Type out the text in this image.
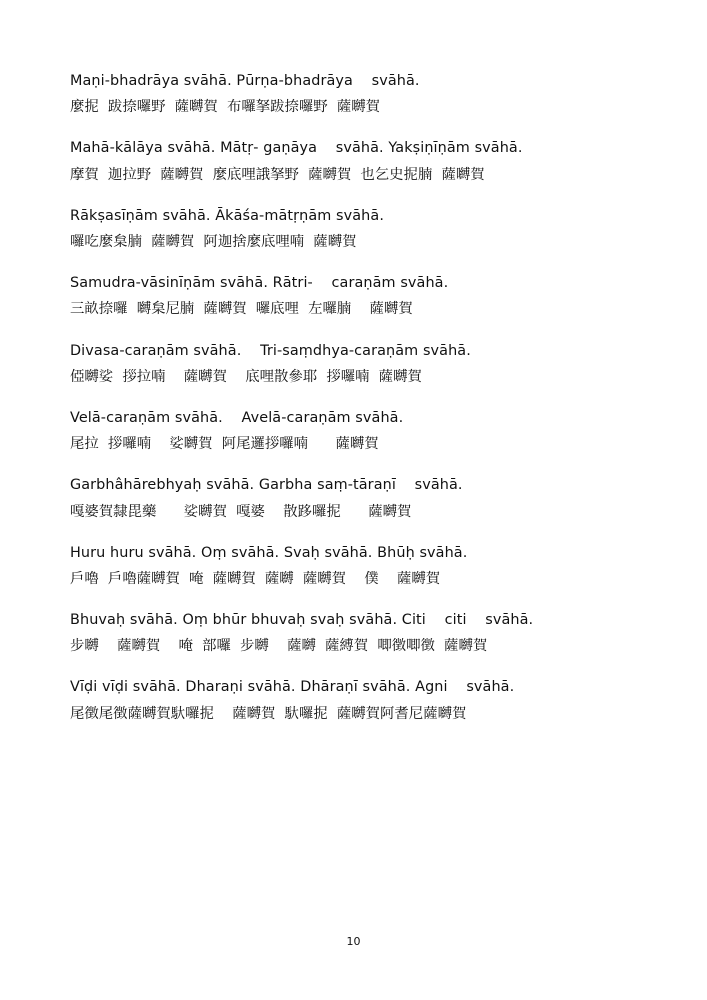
Maṇi-bhadrāya svāhā. Pūrṇa-bhadrāya    svāhā.
麼抳  跋捺囉野  薩嚩賀  布囉拏跋捺囉野  薩嚩賀
Mahā-kālāya svāhā. Mātṛ- gaṇāya    svāhā. Yakṣiṇīṇām svāhā.
摩賀  迦拉野  薩嚩賀  麼底哩誐拏野  薩嚩賀  也乞史抳腩  薩嚩賀
Rākṣasīṇām svāhā. Ākāśa-mātṛṇām svāhā.
囉吃麼枲腩  薩嚩賀  阿迦捨麼底哩喃  薩嚩賀
Samudra-vāsinīṇām svāhā. Rātri-    caraṇām svāhā.
三畝捺囉  嚩枲尼腩  薩嚩賀  囉底哩  左囉腩    薩嚩賀
Divasa-caraṇām svāhā.    Tri-saṃdhya-caraṇām svāhā.
俹嚩娑  拶拉喃    薩嚩賀    底哩散參耶  拶囉喃  薩嚩賀
Velā-caraṇām svāhā.    Avelā-caraṇām svāhā.
尾拉  拶囉喃    娑嚩賀  阿尾邏拶囉喃      薩嚩賀
Garbhâhārebhyaḥ svāhā. Garbha saṃ-tāraṇī    svāhā.
嘎婆賀隸毘藥      娑嚩賀  嘎婆    散跢囉抳      薩嚩賀
Huru huru svāhā. Oṃ svāhā. Svaḥ svāhā. Bhūḥ svāhā.
戶嚕  戶嚕薩嚩賀  唵  薩嚩賀  薩嚩  薩嚩賀    僕    薩嚩賀
Bhuvaḥ svāhā. Oṃ bhūr bhuvaḥ svaḥ svāhā. Citi    citi    svāhā.
步嚩    薩嚩賀    唵  部囉  步嚩    薩嚩  薩縛賀  唧徴唧徴  薩嚩賀
Vīḍi vīḍi svāhā. Dharaṇi svāhā. Dhāraṇī svāhā. Agni    svāhā.
尾徴尾徴薩嚩賀馱囉抳    薩嚩賀  馱囉抳  薩嚩賀阿耆尼薩嚩賀
10
